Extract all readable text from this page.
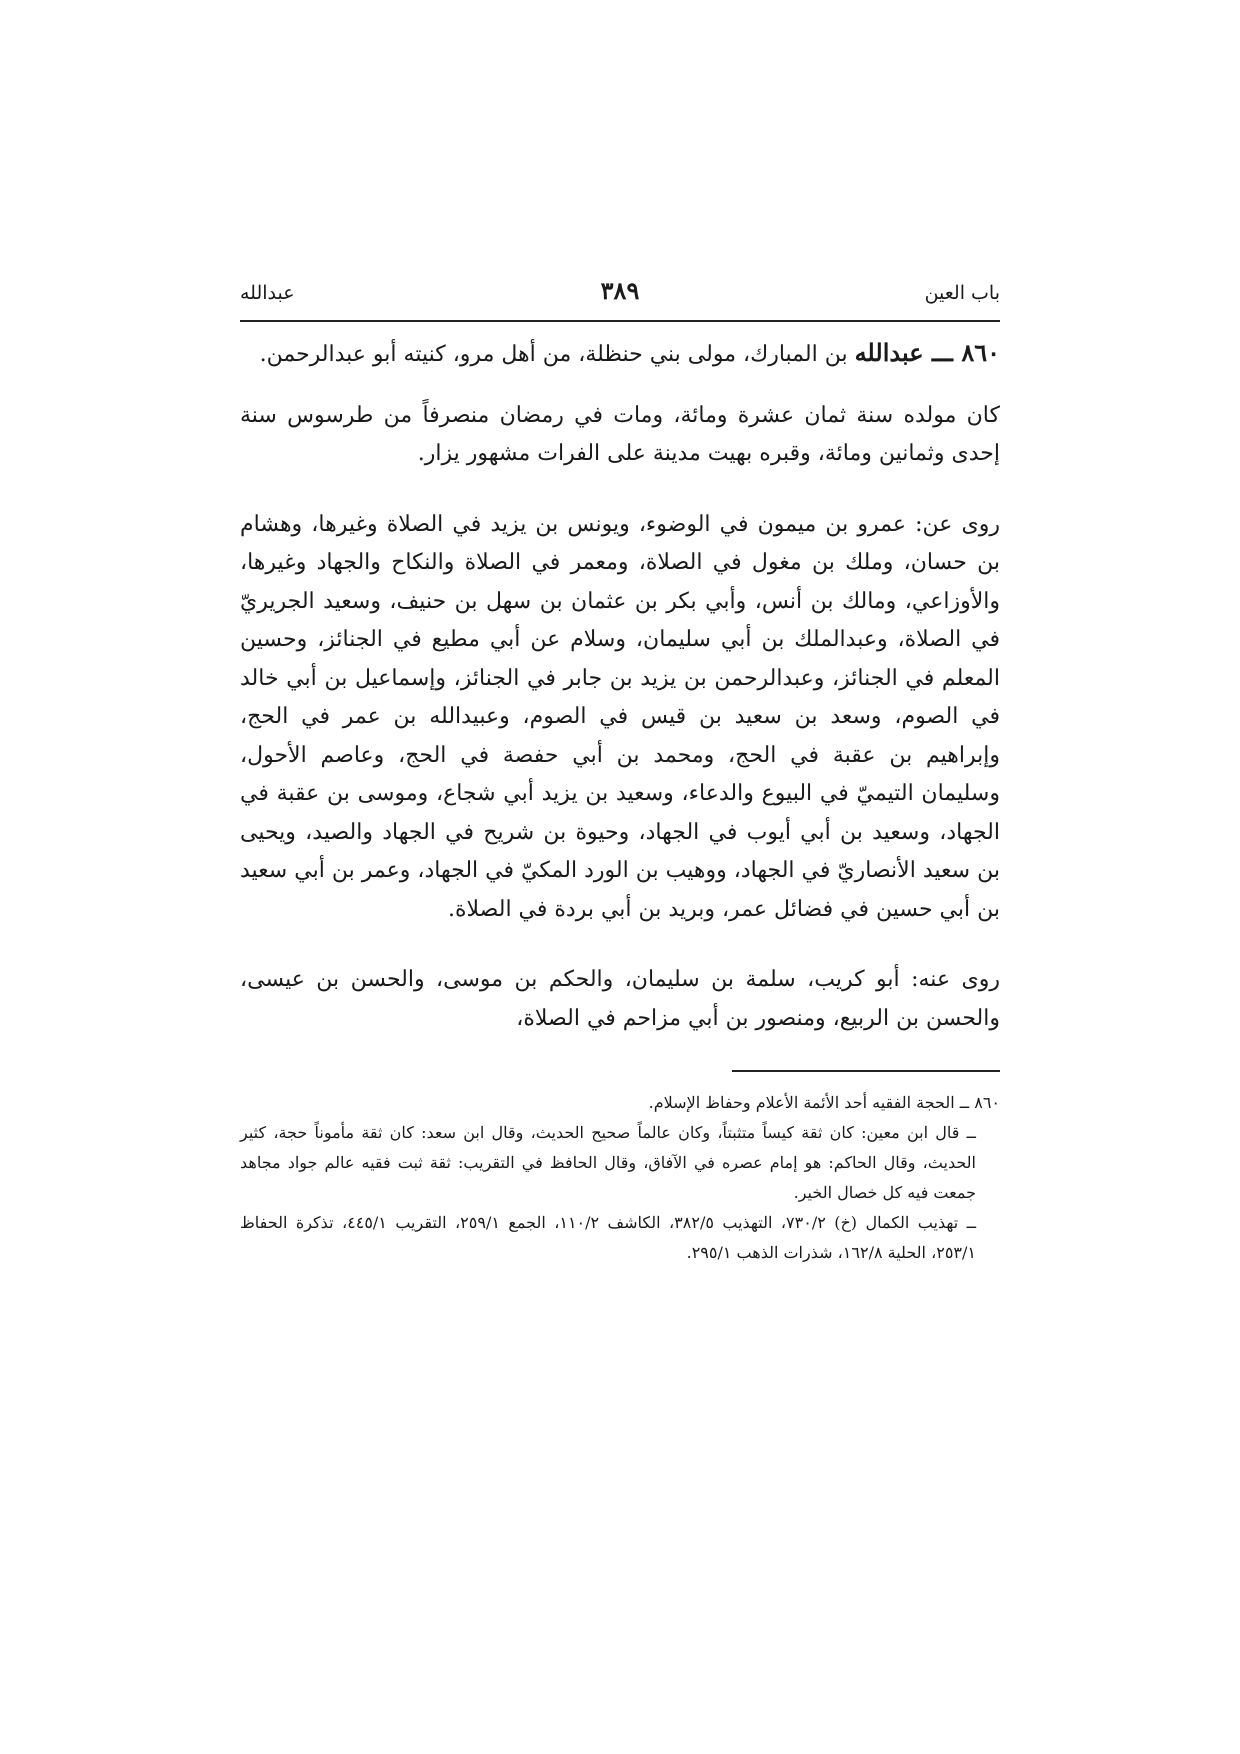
باب العين
٣٨٩
عبدالله

٨٦٠ ـــ عبدالله بن المبارك، مولى بني حنظلة، من أهل مرو، كنيته أبو عبدالرحمن.

كان مولده سنة ثمان عشرة ومائة، ومات في رمضان منصرفاً من طرسوس سنة إحدى وثمانين ومائة، وقبره بهيت مدينة على الفرات مشهور يزار.

روى عن: عمرو بن ميمون في الوضوء، ويونس بن يزيد في الصلاة وغيرها، وهشام بن حسان، وملك بن مغول في الصلاة، ومعمر في الصلاة والنكاح والجهاد وغيرها، والأوزاعي، ومالك بن أنس، وأبي بكر بن عثمان بن سهل بن حنيف، وسعيد الجريريّ في الصلاة، وعبدالملك بن أبي سليمان، وسلام عن أبي مطيع في الجنائز، وحسين المعلم في الجنائز، وعبدالرحمن بن يزيد بن جابر في الجنائز، وإسماعيل بن أبي خالد في الصوم، وسعد بن سعيد بن قيس في الصوم، وعبيدالله بن عمر في الحج، وإبراهيم بن عقبة في الحج، ومحمد بن أبي حفصة في الحج، وعاصم الأحول، وسليمان التيميّ في البيوع والدعاء، وسعيد بن يزيد أبي شجاع، وموسى بن عقبة في الجهاد، وسعيد بن أبي أيوب في الجهاد، وحيوة بن شريح في الجهاد والصيد، ويحيى بن سعيد الأنصاريّ في الجهاد، ووهيب بن الورد المكيّ في الجهاد، وعمر بن أبي سعيد بن أبي حسين في فضائل عمر، وبريد بن أبي بردة في الصلاة.

روى عنه: أبو كريب، سلمة بن سليمان، والحكم بن موسى، والحسن بن عيسى، والحسن بن الربيع، ومنصور بن أبي مزاحم في الصلاة،

٨٦٠ ــ الحجة الفقيه أحد الأئمة الأعلام وحفاظ الإسلام.

ــ قال ابن معين: كان ثقة كيساً متثبتاً، وكان عالماً صحيح الحديث، وقال ابن سعد: كان ثقة مأموناً حجة، كثير الحديث، وقال الحاكم: هو إمام عصره في الآفاق، وقال الحافظ في التقريب: ثقة ثبت فقيه عالم جواد مجاهد جمعت فيه كل خصال الخير.

ــ تهذيب الكمال (خ) ٧٣٠/٢، التهذيب ٣٨٢/٥، الكاشف ١١٠/٢، الجمع ٢٥٩/١، التقريب ٤٤٥/١، تذكرة الحفاظ ٢٥٣/١، الحلية ١٦٢/٨، شذرات الذهب ٢٩٥/١.
